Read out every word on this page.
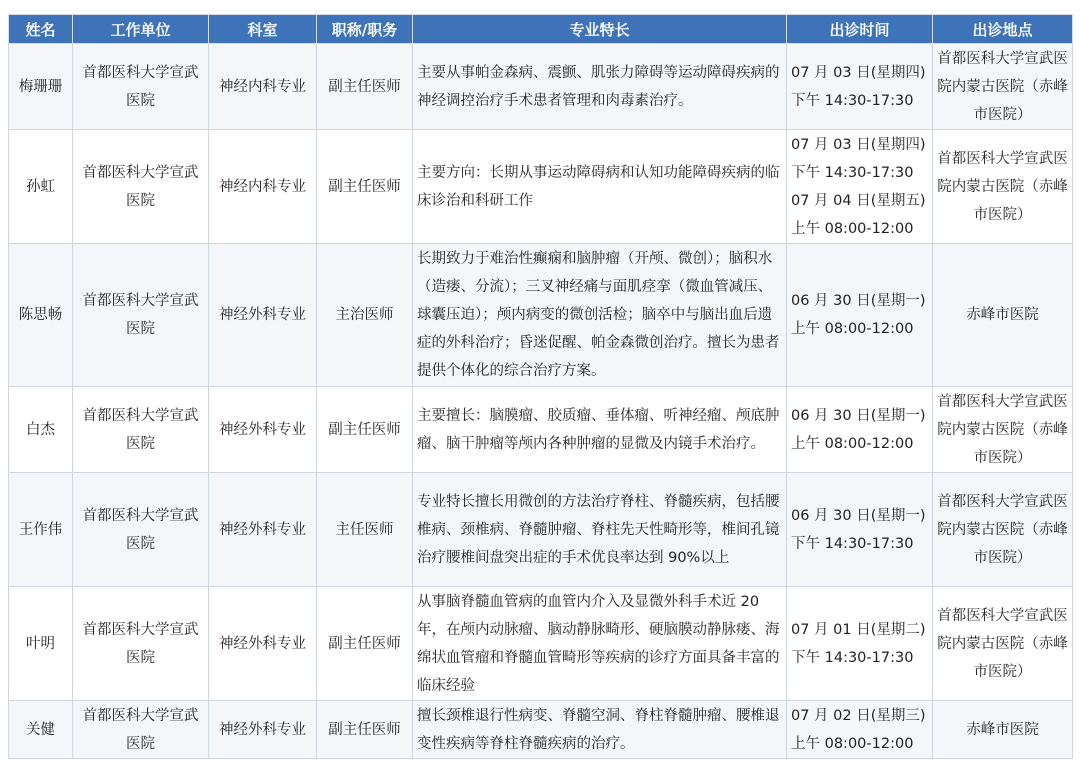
姓名	工作单位	科室	职称/职务	专业特长	出诊时间	出诊地点
梅珊珊	首都医科大学宣武医院	神经内科专业	副主任医师	主要从事帕金森病、震颤、肌张力障碍等运动障碍疾病的神经调控治疗手术患者管理和肉毒素治疗。	07 月 03 日(星期四) 下午 14:30-17:30	首都医科大学宣武医院内蒙古医院（赤峰市医院）
孙虹	首都医科大学宣武医院	神经内科专业	副主任医师	主要方向：长期从事运动障碍病和认知功能障碍疾病的临床诊治和科研工作	07 月 03 日(星期四) 下午 14:30-17:30 07 月 04 日(星期五) 上午 08:00-12:00	首都医科大学宣武医院内蒙古医院（赤峰市医院）
陈思畅	首都医科大学宣武医院	神经外科专业	主治医师	长期致力于难治性癫痫和脑肿瘤（开颅、微创）；脑积水（造瘘、分流）；三叉神经痛与面肌痉挛（微血管减压、球囊压迫）；颅内病变的微创活检；脑卒中与脑出血后遗症的外科治疗；昏迷促醒、帕金森微创治疗。擅长为患者提供个体化的综合治疗方案。	06 月 30 日(星期一) 上午 08:00-12:00	赤峰市医院
白杰	首都医科大学宣武医院	神经外科专业	副主任医师	主要擅长：脑膜瘤、胶质瘤、垂体瘤、听神经瘤、颅底肿瘤、脑干肿瘤等颅内各种肿瘤的显微及内镜手术治疗。	06 月 30 日(星期一) 上午 08:00-12:00	首都医科大学宣武医院内蒙古医院（赤峰市医院）
王作伟	首都医科大学宣武医院	神经外科专业	主任医师	专业特长擅长用微创的方法治疗脊柱、脊髓疾病，包括腰椎病、颈椎病、脊髓肿瘤、脊柱先天性畸形等，椎间孔镜治疗腰椎间盘突出症的手术优良率达到 90%以上	06 月 30 日(星期一) 下午 14:30-17:30	首都医科大学宣武医院内蒙古医院（赤峰市医院）
叶明	首都医科大学宣武医院	神经外科专业	副主任医师	从事脑脊髓血管病的血管内介入及显微外科手术近 20 年，在颅内动脉瘤、脑动静脉畸形、硬脑膜动静脉瘘、海绵状血管瘤和脊髓血管畸形等疾病的诊疗方面具备丰富的临床经验	07 月 01 日(星期二) 下午 14:30-17:30	首都医科大学宣武医院内蒙古医院（赤峰市医院）
关健	首都医科大学宣武医院	神经外科专业	副主任医师	擅长颈椎退行性病变、脊髓空洞、脊柱脊髓肿瘤、腰椎退变性疾病等脊柱脊髓疾病的治疗。	07 月 02 日(星期三) 上午 08:00-12:00	赤峰市医院
